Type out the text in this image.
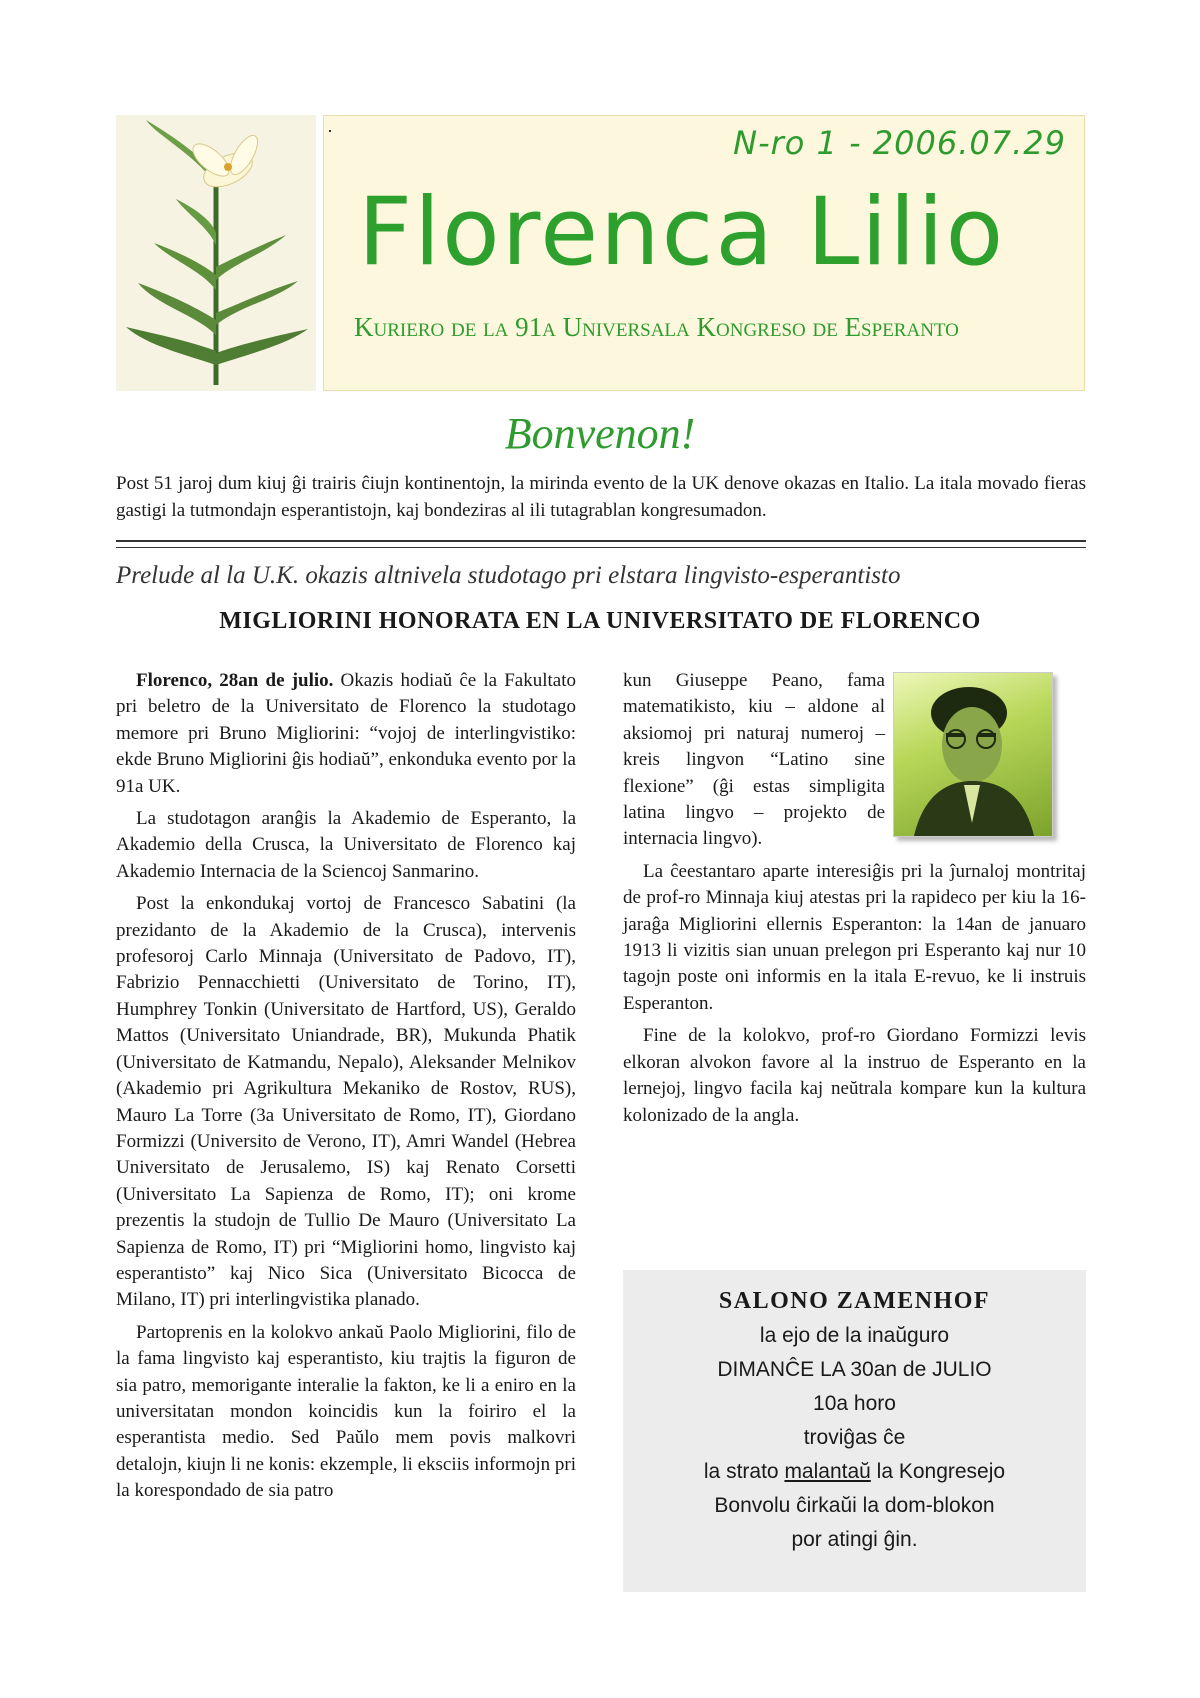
N-ro 1 - 2006.07.29
Florenca Lilio
Kuriero de la 91a Universala Kongreso de Esperanto
Bonvenon!
Post 51 jaroj dum kiuj ĝi trairis ĉiujn kontinentojn, la mirinda evento de la UK denove okazas en Italio. La itala movado fieras gastigi la tutmondajn esperantistojn, kaj bondeziras al ili tutagrablan kongresumadon.
Prelude al la U.K. okazis altnivela studotago pri elstara lingvisto-esperantisto
MIGLIORINI HONORATA EN LA UNIVERSITATO DE FLORENCO

Florenco, 28an de julio. Okazis hodiaŭ ĉe la Fakultato pri beletro de la Universitato de Florenco la studotago memore pri Bruno Migliorini: “vojoj de interlingvistiko: ekde Bruno Migliorini ĝis hodiaŭ”, enkonduka evento por la 91a UK.

La studotagon aranĝis la Akademio de Esperanto, la Akademio della Crusca, la Universitato de Florenco kaj Akademio Internacia de la Sciencoj Sanmarino.

Post la enkondukaj vortoj de Francesco Sabatini (la prezidanto de la Akademio de la Crusca), intervenis profesoroj Carlo Minnaja (Universitato de Padovo, IT), Fabrizio Pennacchietti (Universitato de Torino, IT), Humphrey Tonkin (Universitato de Hartford, US), Geraldo Mattos (Universitato Uniandrade, BR), Mukunda Phatik (Universitato de Katmandu, Nepalo), Aleksander Melnikov (Akademio pri Agrikultura Mekaniko de Rostov, RUS), Mauro La Torre (3a Universitato de Romo, IT), Giordano Formizzi (Universito de Verono, IT), Amri Wandel (Hebrea Universitato de Jerusalemo, IS) kaj Renato Corsetti (Universitato La Sapienza de Romo, IT); oni krome prezentis la studojn de Tullio De Mauro (Universitato La Sapienza de Romo, IT) pri “Migliorini homo, lingvisto kaj esperantisto” kaj Nico Sica (Universitato Bicocca de Milano, IT) pri interlingvistika planado.

Partoprenis en la kolokvo ankaŭ Paolo Migliorini, filo de la fama lingvisto kaj esperantisto, kiu trajtis la figuron de sia patro, memorigante interalie la fakton, ke li a eniro en la universitatan mondon koincidis kun la foiriro el la esperantista medio. Sed Paŭlo mem povis malkovri detalojn, kiujn li ne konis: ekzemple, li eksciis informojn pri la korespondado de sia patro

kun Giuseppe Peano, fama matematikisto, kiu – aldone al aksiomoj pri naturaj numeroj – kreis lingvon “Latino sine flexione” (ĝi estas simpligita latina lingvo – projekto de internacia lingvo).

La ĉeestantaro aparte interesiĝis pri la ĵurnaloj montritaj de prof-ro Minnaja kiuj atestas pri la rapideco per kiu la 16-jaraĝa Migliorini ellernis Esperanton: la 14an de januaro 1913 li vizitis sian unuan prelegon pri Esperanto kaj nur 10 tagojn poste oni informis en la itala E-revuo, ke li instruis Esperanton.

Fine de la kolokvo, prof-ro Giordano Formizzi levis elkoran alvokon favore al la instruo de Esperanto en la lernejoj, lingvo facila kaj neŭtrala kompare kun la kultura kolonizado de la angla.

SALONO ZAMENHOF
la ejo de la inaŭguro
DIMANĈE LA 30an de JULIO
10a horo
troviĝas ĉe
la strato malantaŭ la Kongresejo
Bonvolu ĉirkaŭi la dom-blokon
por atingi ĝin.
